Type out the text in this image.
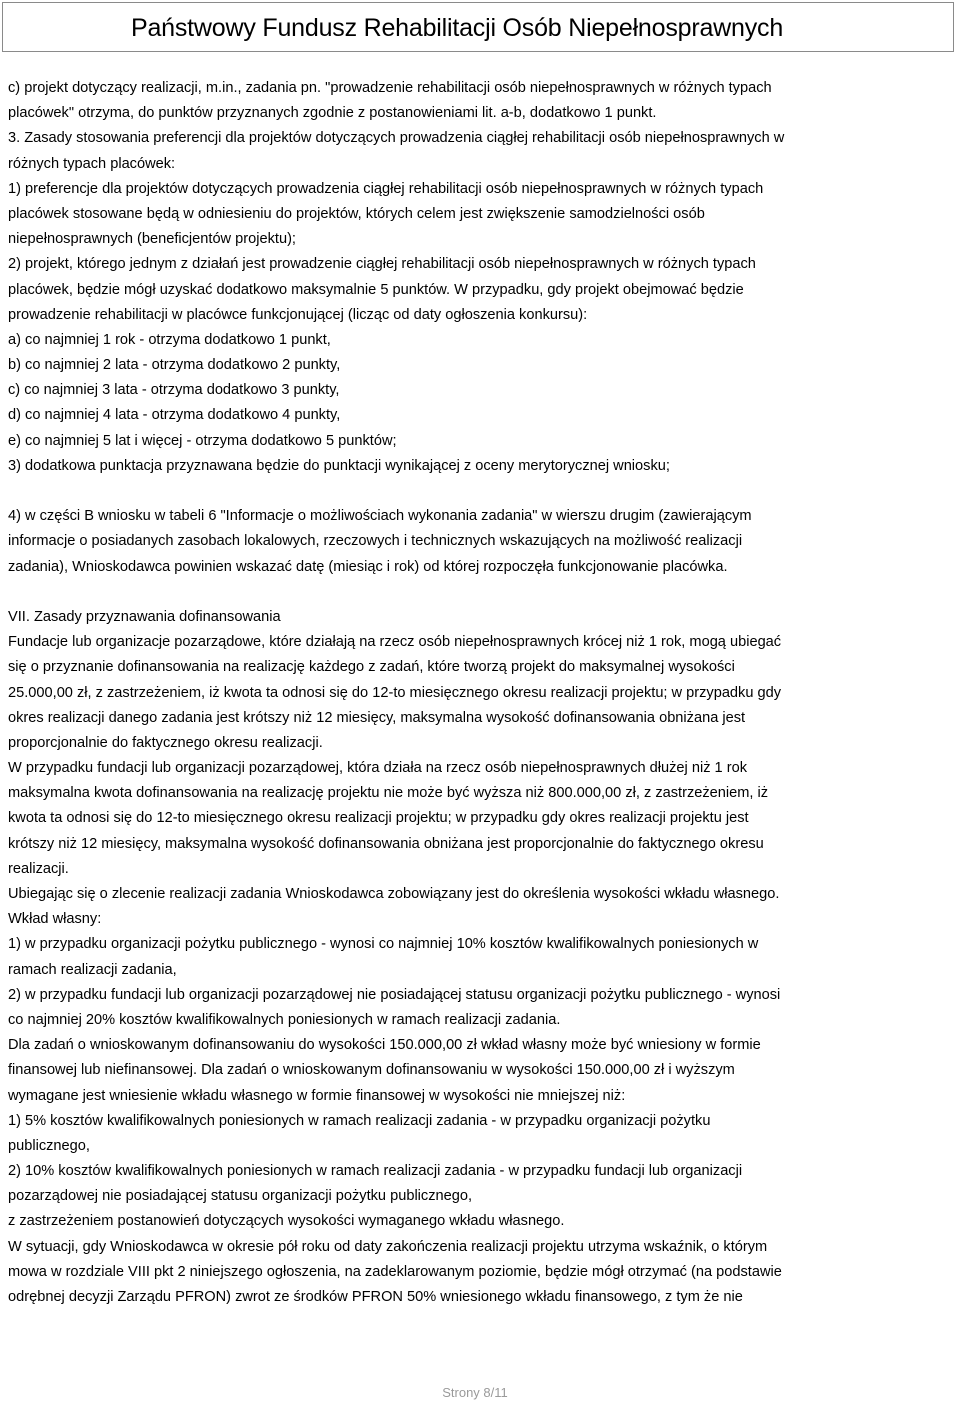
Państwowy Fundusz Rehabilitacji Osób Niepełnosprawnych
c) projekt dotyczący realizacji, m.in., zadania pn. "prowadzenie rehabilitacji osób niepełnosprawnych w różnych typach
placówek" otrzyma, do punktów przyznanych zgodnie z postanowieniami lit. a-b, dodatkowo 1 punkt.
3. Zasady stosowania preferencji dla projektów dotyczących prowadzenia ciągłej rehabilitacji osób niepełnosprawnych w
różnych typach placówek:
1) preferencje dla projektów dotyczących prowadzenia ciągłej rehabilitacji osób niepełnosprawnych w różnych typach
placówek stosowane będą w odniesieniu do projektów, których celem jest zwiększenie samodzielności osób
niepełnosprawnych (beneficjentów projektu);
2) projekt, którego jednym z działań jest prowadzenie ciągłej rehabilitacji osób niepełnosprawnych w różnych typach
placówek, będzie mógł uzyskać dodatkowo maksymalnie 5 punktów. W przypadku, gdy projekt obejmować będzie
prowadzenie rehabilitacji w placówce funkcjonującej (licząc od daty ogłoszenia konkursu):
a) co najmniej 1 rok - otrzyma dodatkowo 1 punkt,
b) co najmniej 2 lata - otrzyma dodatkowo 2 punkty,
c) co najmniej 3 lata - otrzyma dodatkowo 3 punkty,
d) co najmniej 4 lata - otrzyma dodatkowo 4 punkty,
e) co najmniej 5 lat i więcej - otrzyma dodatkowo 5 punktów;
3) dodatkowa punktacja przyznawana będzie do punktacji wynikającej z oceny merytorycznej wniosku;
4) w części B wniosku w tabeli 6 "Informacje o możliwościach wykonania zadania" w wierszu drugim (zawierającym
informacje o posiadanych zasobach lokalowych, rzeczowych i technicznych wskazujących na możliwość realizacji
zadania), Wnioskodawca powinien wskazać datę (miesiąc i rok) od której rozpoczęła funkcjonowanie placówka.
VII. Zasady przyznawania dofinansowania
Fundacje lub organizacje pozarządowe, które działają na rzecz osób niepełnosprawnych krócej niż 1 rok, mogą ubiegać
się o przyznanie dofinansowania na realizację każdego z zadań, które tworzą projekt do maksymalnej wysokości
25.000,00 zł, z zastrzeżeniem, iż kwota ta odnosi się do 12-to miesięcznego okresu realizacji projektu; w przypadku gdy
okres realizacji danego zadania jest krótszy niż 12 miesięcy, maksymalna wysokość dofinansowania obniżana jest
proporcjonalnie do faktycznego okresu realizacji.
W przypadku fundacji lub organizacji pozarządowej, która działa na rzecz osób niepełnosprawnych dłużej niż 1 rok
maksymalna kwota dofinansowania na realizację projektu nie może być wyższa niż 800.000,00 zł, z zastrzeżeniem, iż
kwota ta odnosi się do 12-to miesięcznego okresu realizacji projektu; w przypadku gdy okres realizacji projektu jest
krótszy niż 12 miesięcy, maksymalna wysokość dofinansowania obniżana jest proporcjonalnie do faktycznego okresu
realizacji.
Ubiegając się o zlecenie realizacji zadania Wnioskodawca zobowiązany jest do określenia wysokości wkładu własnego.
Wkład własny:
1) w przypadku organizacji pożytku publicznego - wynosi co najmniej 10% kosztów kwalifikowalnych poniesionych w
ramach realizacji zadania,
2) w przypadku fundacji lub organizacji pozarządowej nie posiadającej statusu organizacji pożytku publicznego - wynosi
co najmniej 20% kosztów kwalifikowalnych poniesionych w ramach realizacji zadania.
Dla zadań o wnioskowanym dofinansowaniu do wysokości 150.000,00 zł wkład własny może być wniesiony w formie
finansowej lub niefinansowej. Dla zadań o wnioskowanym dofinansowaniu w wysokości 150.000,00 zł i wyższym
wymagane jest wniesienie wkładu własnego w formie finansowej w wysokości nie mniejszej niż:
1) 5% kosztów kwalifikowalnych poniesionych w ramach realizacji zadania - w przypadku organizacji pożytku
publicznego,
2) 10% kosztów kwalifikowalnych poniesionych w ramach realizacji zadania - w przypadku fundacji lub organizacji
pozarządowej nie posiadającej statusu organizacji pożytku publicznego,
z zastrzeżeniem postanowień dotyczących wysokości wymaganego wkładu własnego.
W sytuacji, gdy Wnioskodawca w okresie pół roku od daty zakończenia realizacji projektu utrzyma wskaźnik, o którym
mowa w rozdziale VIII pkt 2 niniejszego ogłoszenia, na zadeklarowanym poziomie, będzie mógł otrzymać (na podstawie
odrębnej decyzji Zarządu PFRON) zwrot ze środków PFRON 50% wniesionego wkładu finansowego, z tym że nie
Strony 8/11
